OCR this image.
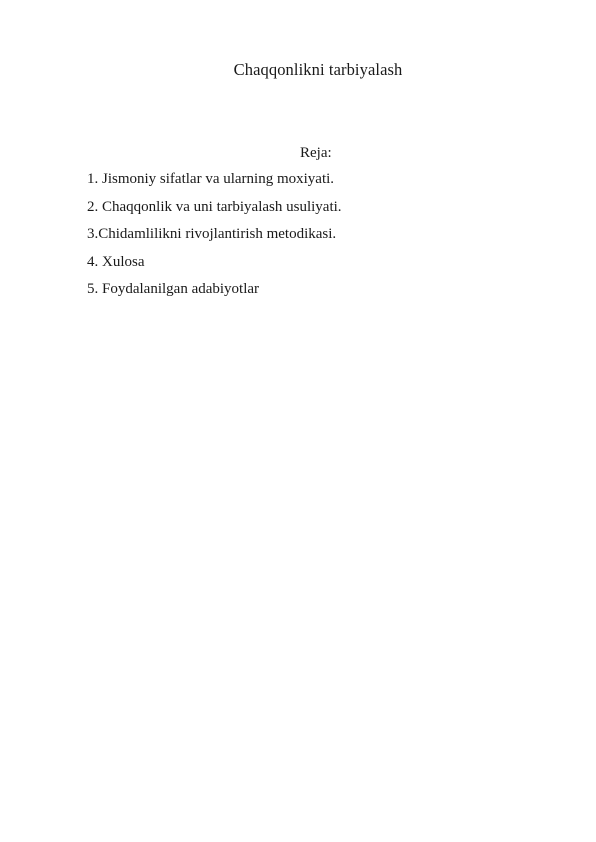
Chaqqonlikni tarbiyalash
Reja:
1. Jismoniy sifatlar va ularning moxiyati.
2. Chaqqonlik va uni tarbiyalash usuliyati.
3.Chidamlilikni rivojlantirish metodikasi.
4. Xulosa
5. Foydalanilgan adabiyotlar
